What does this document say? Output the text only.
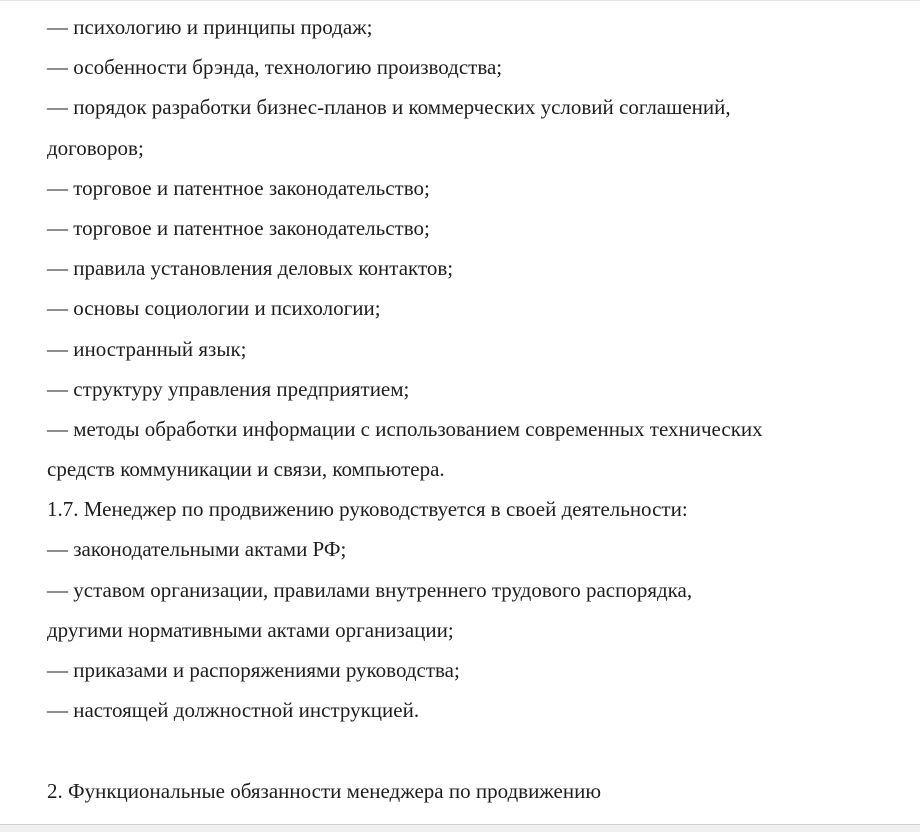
— психологию и принципы продаж;
— особенности брэнда, технологию производства;
— порядок разработки бизнес-планов и коммерческих условий соглашений,
договоров;
— торговое и патентное законодательство;
— торговое и патентное законодательство;
— правила установления деловых контактов;
— основы социологии и психологии;
— иностранный язык;
— структуру управления предприятием;
— методы обработки информации с использованием современных технических
средств коммуникации и связи, компьютера.
1.7. Менеджер по продвижению руководствуется в своей деятельности:
— законодательными актами РФ;
— уставом организации, правилами внутреннего трудового распорядка,
другими нормативными актами организации;
— приказами и распоряжениями руководства;
— настоящей должностной инструкцией.
2. Функциональные обязанности менеджера по продвижению
